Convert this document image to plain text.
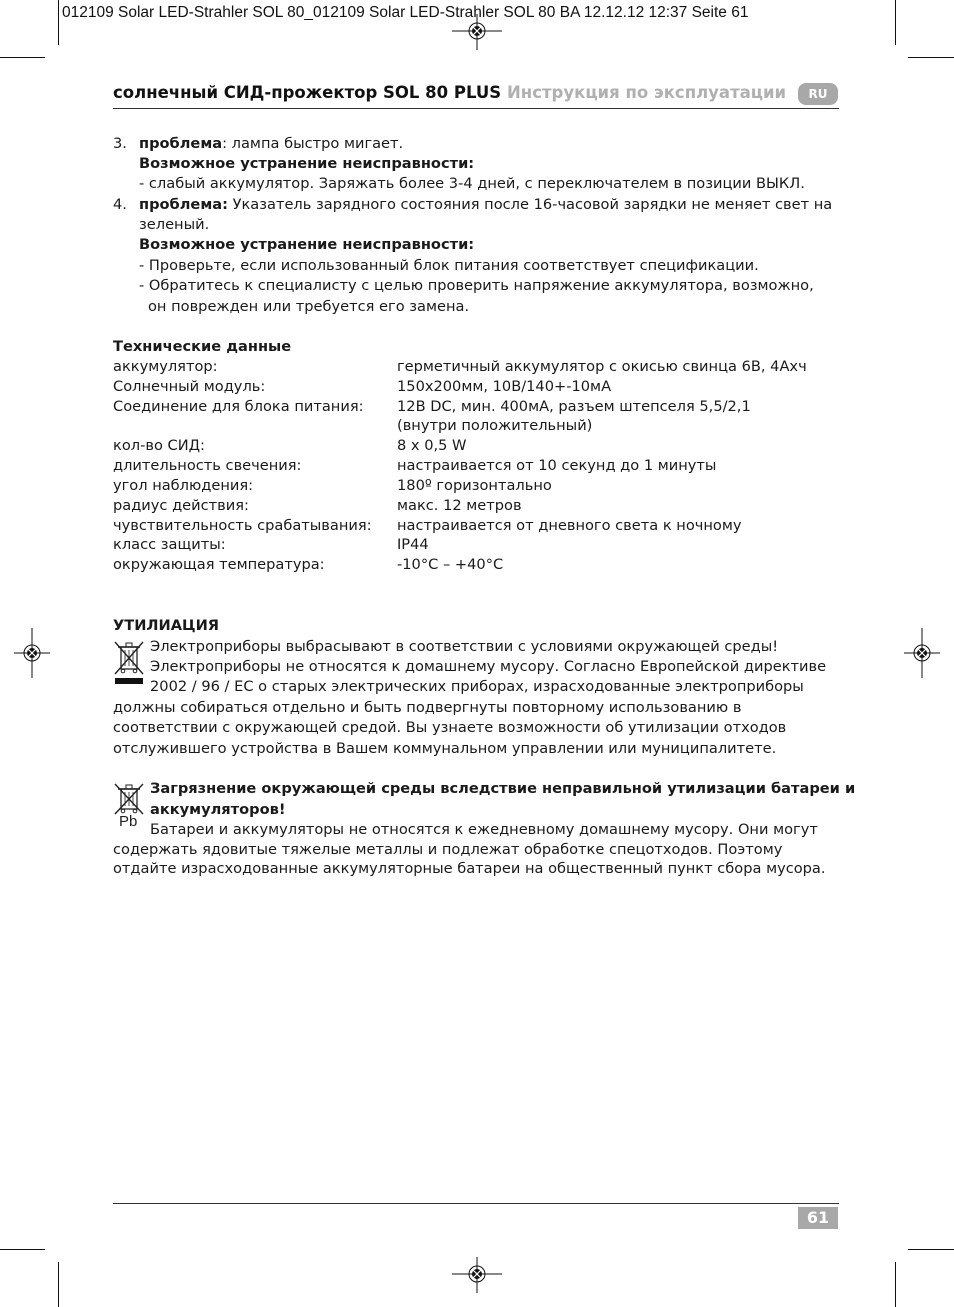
012109 Solar LED-Strahler SOL 80_012109 Solar LED-Strahler SOL 80 BA 12.12.12 12:37 Seite 61
солнечный СИД-прожектор SOL 80 PLUS Инструкция по эксплуатации	RU
3. проблема: лампа быстро мигает.
Возможное устранение неисправности:
- слабый аккумулятор. Заряжать более 3-4 дней, с переключателем в позиции ВЫКЛ.
4. проблема: Указатель зарядного состояния после 16-часовой зарядки не меняет свет на
зеленый.
Возможное устранение неисправности:
- Проверьте, если использованный блок питания соответствует спецификации.
- Обратитесь к специалисту с целью проверить напряжение аккумулятора, возможно,
он поврежден или требуется его замена.
Технические данные
аккумулятор:	герметичный аккумулятор с окисью свинца 6В, 4Ахч
Солнечный модуль:	150x200мм, 10В/140+-10мА
Соединение для блока питания: 12В DC, мин. 400мА, разъем штепселя 5,5/2,1
(внутри положительный)
кол-во СИД:	8 x 0,5 W
длительность свечения:	настраивается от 10 секунд до 1 минуты
угол наблюдения:	180º горизонтально
радиус действия:	макс. 12 метров
чувствительность срабатывания: настраивается от дневного света к ночному
класс защиты:	IP44
окружающая температура:	-10°C – +40°C
УТИЛИАЦИЯ
Электроприборы выбрасывают в соответствии с условиями окружающей среды!
Электроприборы не относятся к домашнему мусору. Согласно Европейской директиве
2002 / 96 / EC о старых электрических приборах, израсходованные электроприборы
должны собираться отдельно и быть подвергнуты повторному использованию в
соответствии с окружающей средой. Вы узнаете возможности об утилизации отходов
отслужившего устройства в Вашем коммунальном управлении или муниципалитете.
Pb
Загрязнение окружающей среды вследствие неправильной утилизации батареи и
аккумуляторов!
Батареи и аккумуляторы не относятся к ежедневному домашнему мусору. Они могут
содержать ядовитые тяжелые металлы и подлежат обработке спецотходов. Поэтому
отдайте израсходованные аккумуляторные батареи на общественный пункт сбора мусора.
61
